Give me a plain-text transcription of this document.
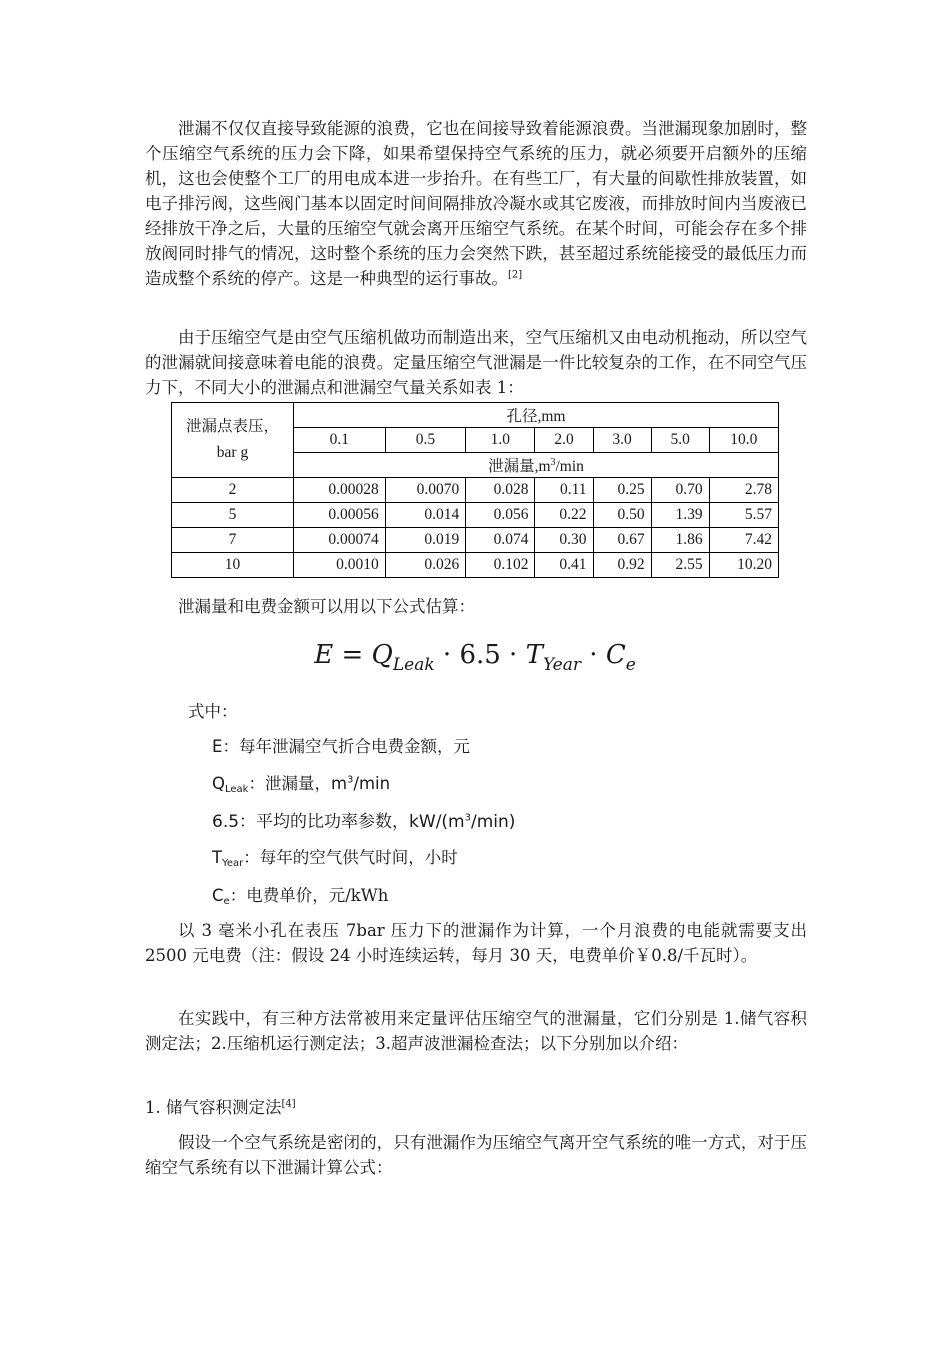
泄漏不仅仅直接导致能源的浪费，它也在间接导致着能源浪费。当泄漏现象加剧时，整个压缩空气系统的压力会下降，如果希望保持空气系统的压力，就必须要开启额外的压缩机，这也会使整个工厂的用电成本进一步抬升。在有些工厂，有大量的间歇性排放装置，如电子排污阀，这些阀门基本以固定时间间隔排放冷凝水或其它废液，而排放时间内当废液已经排放干净之后，大量的压缩空气就会离开压缩空气系统。在某个时间，可能会存在多个排放阀同时排气的情况，这时整个系统的压力会突然下跌，甚至超过系统能接受的最低压力而造成整个系统的停产。这是一种典型的运行事故。[2]

由于压缩空气是由空气压缩机做功而制造出来，空气压缩机又由电动机拖动，所以空气的泄漏就间接意味着电能的浪费。定量压缩空气泄漏是一件比较复杂的工作，在不同空气压力下，不同大小的泄漏点和泄漏空气量关系如表 1：

泄漏点表压，
bar g	孔径,mm						
	0.1	0.5	1.0	2.0	3.0	5.0	10.0
	泄漏量$,m^3/\min$						
2	0.00028	0.0070	0.028	0.11	0.25	0.70	2.78
5	0.00056	0.014	0.056	0.22	0.50	1.39	5.57
7	0.00074	0.019	0.074	0.30	0.67	1.86	7.42
10	0.0010	0.026	0.102	0.41	0.92	2.55	10.20

泄漏量和电费金额可以用以下公式估算：

$E = Q_{Leak} \cdot 6.5 \cdot T_{Year} \cdot C_e$
式中：
E：每年泄漏空气折合电费金额，元
QLeak：泄漏量，$m^3/\min$
6.5：平均的比功率参数，$kW/(m^3/\min)$
TYear：每年的空气供气时间，小时
Ce：电费单价，元/kWh

以 3 毫米小孔在表压 7bar 压力下的泄漏作为计算，一个月浪费的电能就需要支出 2500 元电费（注：假设 24 小时连续运转，每月 30 天，电费单价￥0.8/千瓦时）。

在实践中，有三种方法常被用来定量评估压缩空气的泄漏量，它们分别是 1.储气容积测定法；2.压缩机运行测定法；3.超声波泄漏检查法；以下分别加以介绍：

1. 储气容积测定法[4]

假设一个空气系统是密闭的，只有泄漏作为压缩空气离开空气系统的唯一方式，对于压缩空气系统有以下泄漏计算公式：
